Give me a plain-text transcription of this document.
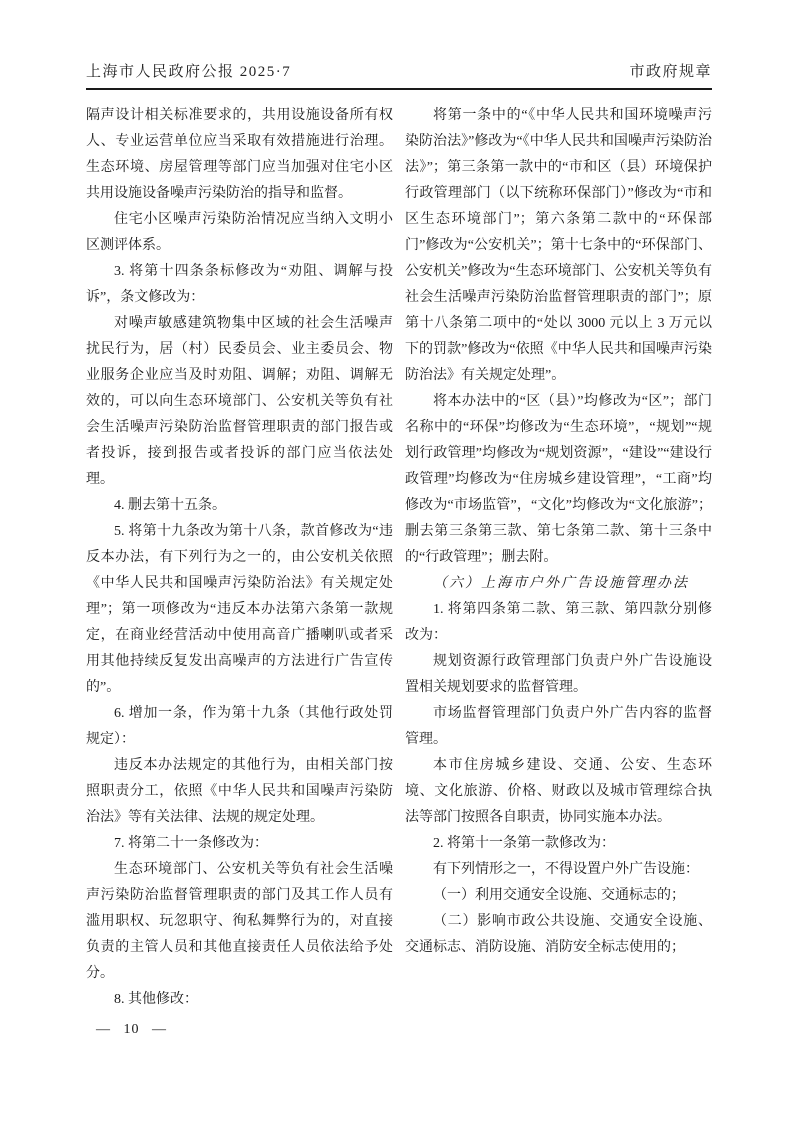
上海市人民政府公报 2025·7	市政府规章

隔声设计相关标准要求的，共用设施设备所有权人、专业运营单位应当采取有效措施进行治理。生态环境、房屋管理等部门应当加强对住宅小区共用设施设备噪声污染防治的指导和监督。

住宅小区噪声污染防治情况应当纳入文明小区测评体系。

3. 将第十四条条标修改为“劝阻、调解与投诉”，条文修改为：

对噪声敏感建筑物集中区域的社会生活噪声扰民行为，居（村）民委员会、业主委员会、物业服务企业应当及时劝阻、调解；劝阻、调解无效的，可以向生态环境部门、公安机关等负有社会生活噪声污染防治监督管理职责的部门报告或者投诉，接到报告或者投诉的部门应当依法处理。

4. 删去第十五条。

5. 将第十九条改为第十八条，款首修改为“违反本办法，有下列行为之一的，由公安机关依照《中华人民共和国噪声污染防治法》有关规定处理”；第一项修改为“违反本办法第六条第一款规定，在商业经营活动中使用高音广播喇叭或者采用其他持续反复发出高噪声的方法进行广告宣传的”。

6. 增加一条，作为第十九条（其他行政处罚规定）：

违反本办法规定的其他行为，由相关部门按照职责分工，依照《中华人民共和国噪声污染防治法》等有关法律、法规的规定处理。

7. 将第二十一条修改为：

生态环境部门、公安机关等负有社会生活噪声污染防治监督管理职责的部门及其工作人员有滥用职权、玩忽职守、徇私舞弊行为的，对直接负责的主管人员和其他直接责任人员依法给予处分。

8. 其他修改：

将第一条中的“《中华人民共和国环境噪声污染防治法》”修改为“《中华人民共和国噪声污染防治法》”；第三条第一款中的“市和区（县）环境保护行政管理部门（以下统称环保部门）”修改为“市和区生态环境部门”；第六条第二款中的“环保部门”修改为“公安机关”；第十七条中的“环保部门、公安机关”修改为“生态环境部门、公安机关等负有社会生活噪声污染防治监督管理职责的部门”；原第十八条第二项中的“处以 3000 元以上 3 万元以下的罚款”修改为“依照《中华人民共和国噪声污染防治法》有关规定处理”。

将本办法中的“区（县）”均修改为“区”；部门名称中的“环保”均修改为“生态环境”，“规划”“规划行政管理”均修改为“规划资源”，“建设”“建设行政管理”均修改为“住房城乡建设管理”，“工商”均修改为“市场监管”，“文化”均修改为“文化旅游”；删去第三条第三款、第七条第二款、第十三条中的“行政管理”；删去附。

（六）上海市户外广告设施管理办法

1. 将第四条第二款、第三款、第四款分别修改为：

规划资源行政管理部门负责户外广告设施设置相关规划要求的监督管理。

市场监督管理部门负责户外广告内容的监督管理。

本市住房城乡建设、交通、公安、生态环境、文化旅游、价格、财政以及城市管理综合执法等部门按照各自职责，协同实施本办法。

2. 将第十一条第一款修改为：

有下列情形之一，不得设置户外广告设施：

（一）利用交通安全设施、交通标志的；

（二）影响市政公共设施、交通安全设施、交通标志、消防设施、消防安全标志使用的；

— 10 —
